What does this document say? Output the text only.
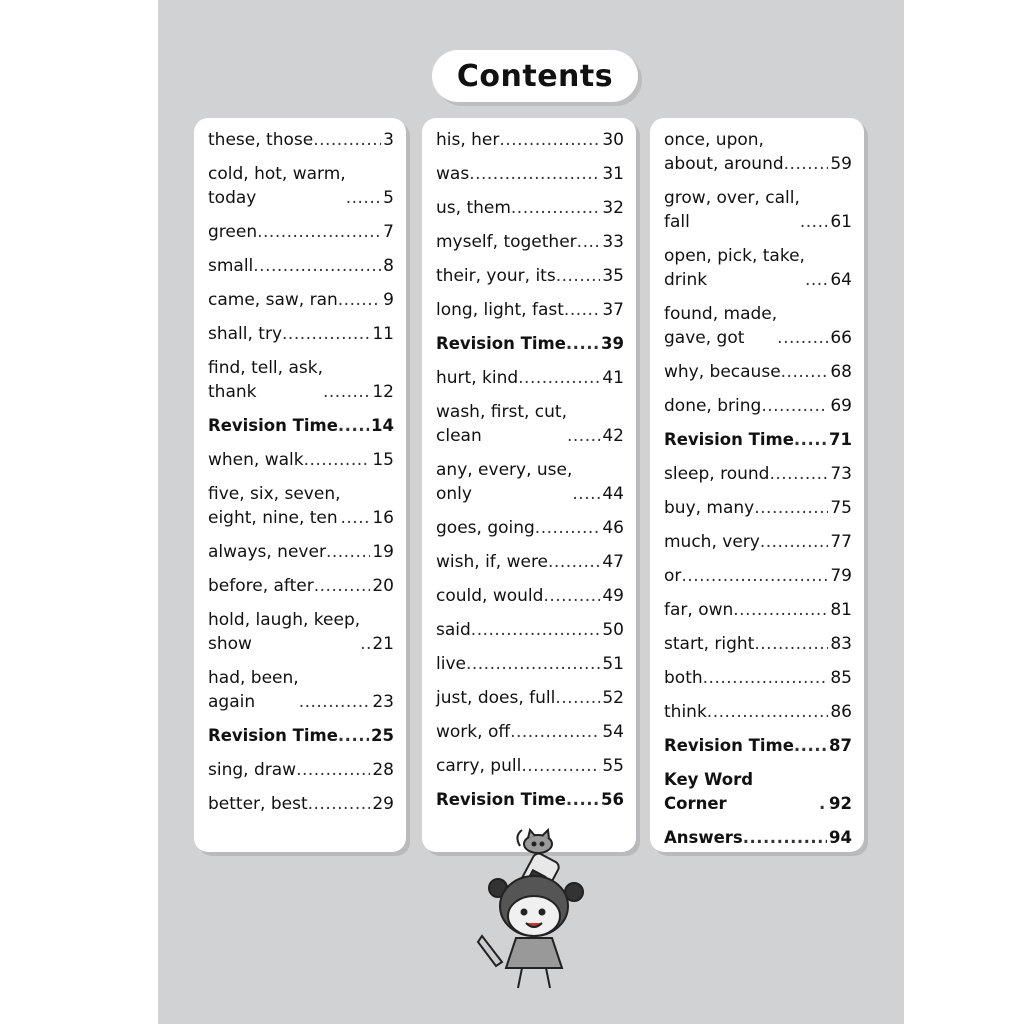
Contents
these, those .....	3
cold, hot, warm,
today .....	5
green .....	7
small .....	8
came, saw, ran .....	9
shall, try .....	11
find, tell, ask,
thank .....	12
Revision Time ..... 14
when, walk .....	15
five, six, seven,
eight, nine, ten ..... 16
always, never .....	19
before, after .....	20
hold, laugh, keep,
show .....	21
had, been,
again .....	23
Revision Time ..... 25
sing, draw .....	28
better, best .....	29
his, her .....	30
was .....	31
us, them .....	32
myself, together ..... 33
their, your, its .....	35
long, light, fast ..... 37
Revision Time ..... 39
hurt, kind .....	41
wash, first, cut,
clean .....	42
any, every, use,
only .....	44
goes, going .....	46
wish, if, were .....	47
could, would .....	49
said .....	50
live .....	51
just, does, full .....	52
work, off .....	54
carry, pull .....	55
Revision Time ..... 56
once, upon,
about, around .....	59
grow, over, call,
fall .....	61
open, pick, take,
drink .....	64
found, made,
gave, got .....	66
why, because .....	68
done, bring .....	69
Revision Time ..... 71
sleep, round .....	73
buy, many .....	75
much, very .....	77
or .....	79
far, own .....	81
start, right .....	83
both .....	85
think .....	86
Revision Time ..... 87
Key Word Corner .....	92
Answers .....	94
